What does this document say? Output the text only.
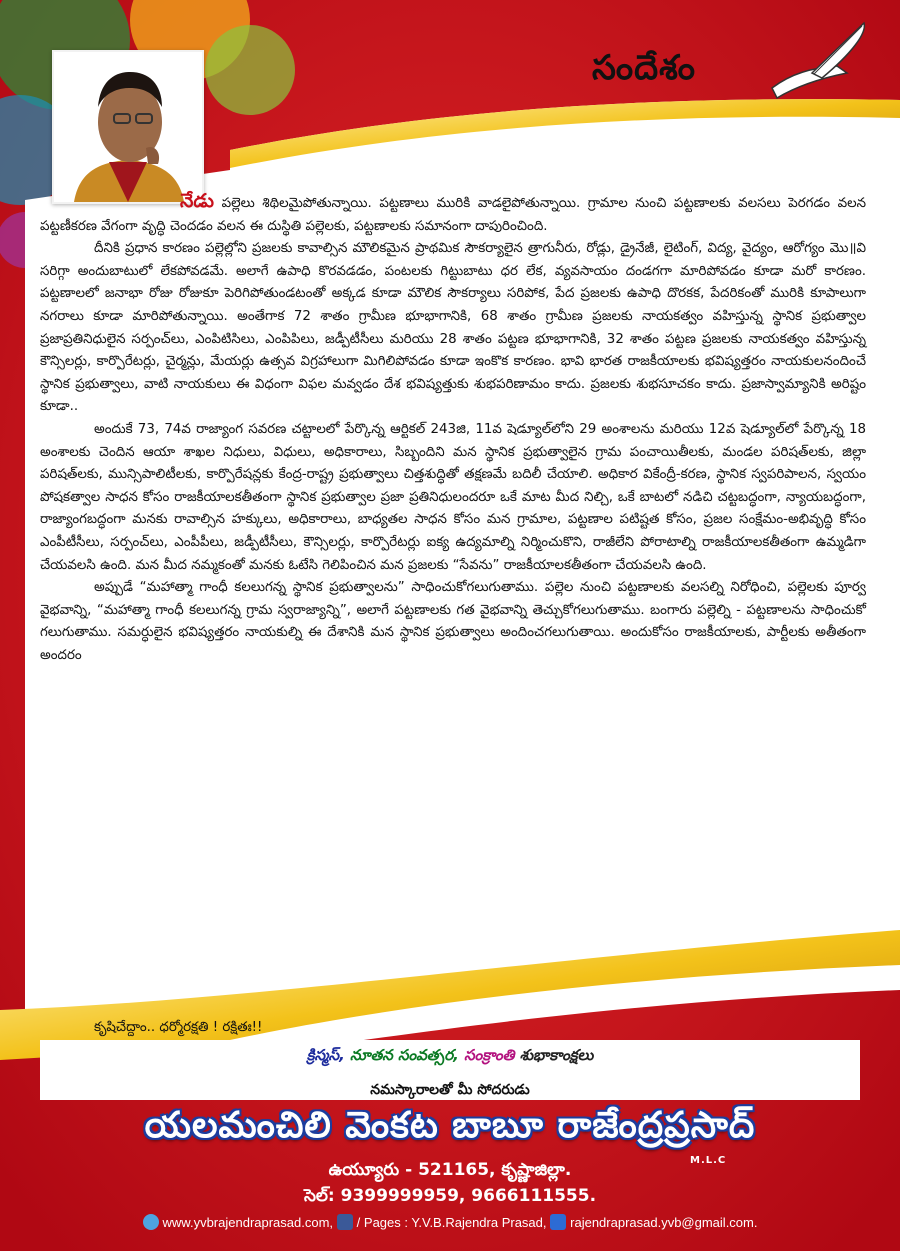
సందేశం

నేడు పల్లెలు శిథిలమైపోతున్నాయి. పట్టణాలు మురికి వాడలైపోతున్నాయి. గ్రామాల నుంచి పట్టణాలకు వలసలు పెరగడం వలన పట్టణీకరణ వేగంగా వృద్ధి చెందడం వలన ఈ దుస్థితి పల్లెలకు, పట్టణాలకు సమానంగా దాపురించింది.

దీనికి ప్రధాన కారణం పల్లెల్లోని ప్రజలకు కావాల్సిన మౌలికమైన ప్రాథమిక సౌకర్యాలైన త్రాగునీరు, రోడ్లు, డ్రైనేజీ, లైటింగ్, విద్య, వైద్యం, ఆరోగ్యం మొ॥వి సరిగ్గా అందుబాటులో లేకపోవడమే. అలాగే ఉపాధి కొరవడడం, పంటలకు గిట్టుబాటు ధర లేక, వ్యవసాయం దండగగా మారిపోవడం కూడా మరో కారణం. పట్టణాలలో జనాభా రోజు రోజుకూ పెరిగిపోతుండటంతో అక్కడ కూడా మౌలిక సౌకర్యాలు సరిపోక, పేద ప్రజలకు ఉపాధి దొరకక, పేదరికంతో మురికి కూపాలుగా నగరాలు కూడా మారిపోతున్నాయి. అంతేగాక 72 శాతం గ్రామీణ భూభాగానికి, 68 శాతం గ్రామీణ ప్రజలకు నాయకత్వం వహిస్తున్న స్థానిక ప్రభుత్వాల ప్రజాప్రతినిధులైన సర్పంచ్‌లు, ఎంపిటిసిలు, ఎంపిపిలు, జడ్పీటీసీలు మరియు 28 శాతం పట్టణ భూభాగానికి, 32 శాతం పట్టణ ప్రజలకు నాయకత్వం వహిస్తున్న కౌన్సిలర్లు, కార్పొరేటర్లు, చైర్మన్లు, మేయర్లు ఉత్సవ విగ్రహాలుగా మిగిలిపోవడం కూడా ఇంకొక కారణం. భావి భారత రాజకీయాలకు భవిష్యత్తరం నాయకులనందించే స్థానిక ప్రభుత్వాలు, వాటి నాయకులు ఈ విధంగా విఫల మవ్వడం దేశ భవిష్యత్తుకు శుభపరిణామం కాదు. ప్రజలకు శుభసూచకం కాదు. ప్రజాస్వామ్యానికి అరిష్టం కూడా..

అందుకే 73, 74వ రాజ్యాంగ సవరణ చట్టాలలో పేర్కొన్న ఆర్టికల్ 243జి, 11వ షెడ్యూల్‌లోని 29 అంశాలను మరియు 12వ షెడ్యూల్‌లో పేర్కొన్న 18 అంశాలకు చెందిన ఆయా శాఖల నిధులు, విధులు, అధికారాలు, సిబ్బందిని మన స్థానిక ప్రభుత్వాలైన గ్రామ పంచాయితీలకు, మండల పరిషత్‌లకు, జిల్లా పరిషత్‌లకు, మున్సిపాలిటీలకు, కార్పొరేషన్లకు కేంద్ర-రాష్ట్ర ప్రభుత్వాలు చిత్తశుద్ధితో తక్షణమే బదిలీ చేయాలి. అధికార వికేంద్రీ-కరణ, స్థానిక స్వపరిపాలన, స్వయం పోషకత్వాల సాధన కోసం రాజకీయాలకతీతంగా స్థానిక ప్రభుత్వాల ప్రజా ప్రతినిధులందరూ ఒకే మాట మీద నిల్చి, ఒకే బాటలో నడిచి చట్టబద్ధంగా, న్యాయబద్ధంగా, రాజ్యాంగబద్ధంగా మనకు రావాల్సిన హక్కులు, అధికారాలు, బాధ్యతల సాధన కోసం మన గ్రామాల, పట్టణాల పటిష్టత కోసం, ప్రజల సంక్షేమం-అభివృద్ధి కోసం ఎంపీటీసీలు, సర్పంచ్‌లు, ఎంపీపీలు, జడ్పీటీసీలు, కౌన్సిలర్లు, కార్పొరేటర్లు ఐక్య ఉద్యమాల్ని నిర్మించుకొని, రాజీలేని పోరాటాల్ని రాజకీయాలకతీతంగా ఉమ్మడిగా చేయవలసి ఉంది. మన మీద నమ్మకంతో మనకు ఓటేసి గెలిపించిన మన ప్రజలకు “సేవను” రాజకీయాలకతీతంగా చేయవలసి ఉంది.

అప్పుడే “మహాత్మా గాంధీ కలలుగన్న స్థానిక ప్రభుత్వాలను” సాధించుకోగలుగుతాము. పల్లెల నుంచి పట్టణాలకు వలసల్ని నిరోధించి, పల్లెలకు పూర్వ వైభవాన్ని, “మహాత్మా గాంధీ కలలుగన్న గ్రామ స్వరాజ్యాన్ని”, అలాగే పట్టణాలకు గత వైభవాన్ని తెచ్చుకోగలుగుతాము. బంగారు పల్లెల్ని - పట్టణాలను సాధించుకో గలుగుతాము. సమర్ధులైన భవిష్యత్తరం నాయకుల్ని ఈ దేశానికి మన స్థానిక ప్రభుత్వాలు అందించగలుగుతాయి. అందుకోసం రాజకీయాలకు, పార్టీలకు అతీతంగా అందరం

కృషిచేద్దాం.. ధర్మోరక్షతి ! రక్షితః!!
క్రిస్మస్, నూతన సంవత్సర, సంక్రాంతి శుభాకాంక్షలు
నమస్కారాలతో మీ సోదరుడు
యలమంచిలి వెంకట బాబూ రాజేంద్రప్రసాద్
M.L.C
ఉయ్యూరు - 521165, కృష్ణాజిల్లా.
సెల్: 9399999959, 9666111555.
www.yvbrajendraprasad.com, / Pages : Y.V.B.Rajendra Prasad, rajendraprasad.yvb@gmail.com.
